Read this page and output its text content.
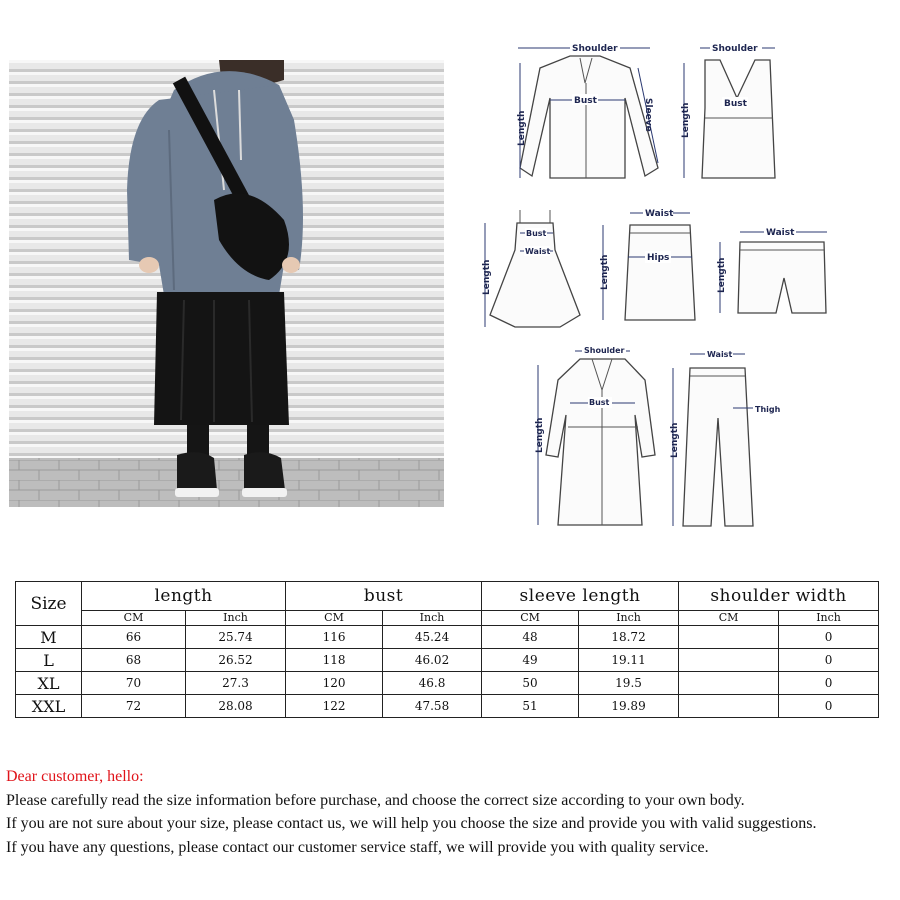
Shoulder
Bust
Length	Sleeve
Shoulder
Bust
Length
Bust
Waist
Length
Waist
Hips
Length
Waist
Length
Shoulder
Bust
Length
Waist
Thigh
Length
Size	length		bust		sleeve length		shoulder width	
	CM	Inch	CM	Inch	CM	Inch	CM	Inch
M	66	25.74	116	45.24	48	18.72		0
L	68	26.52	118	46.02	49	19.11		0
XL	70	27.3	120	46.8	50	19.5		0
XXL	72	28.08	122	47.58	51	19.89		0
Dear customer, hello:
Please carefully read the size information before purchase, and choose the correct size according to your own body.
If you are not sure about your size, please contact us, we will help you choose the size and provide you with valid suggestions.
If you have any questions, please contact our customer service staff, we will provide you with quality service.
